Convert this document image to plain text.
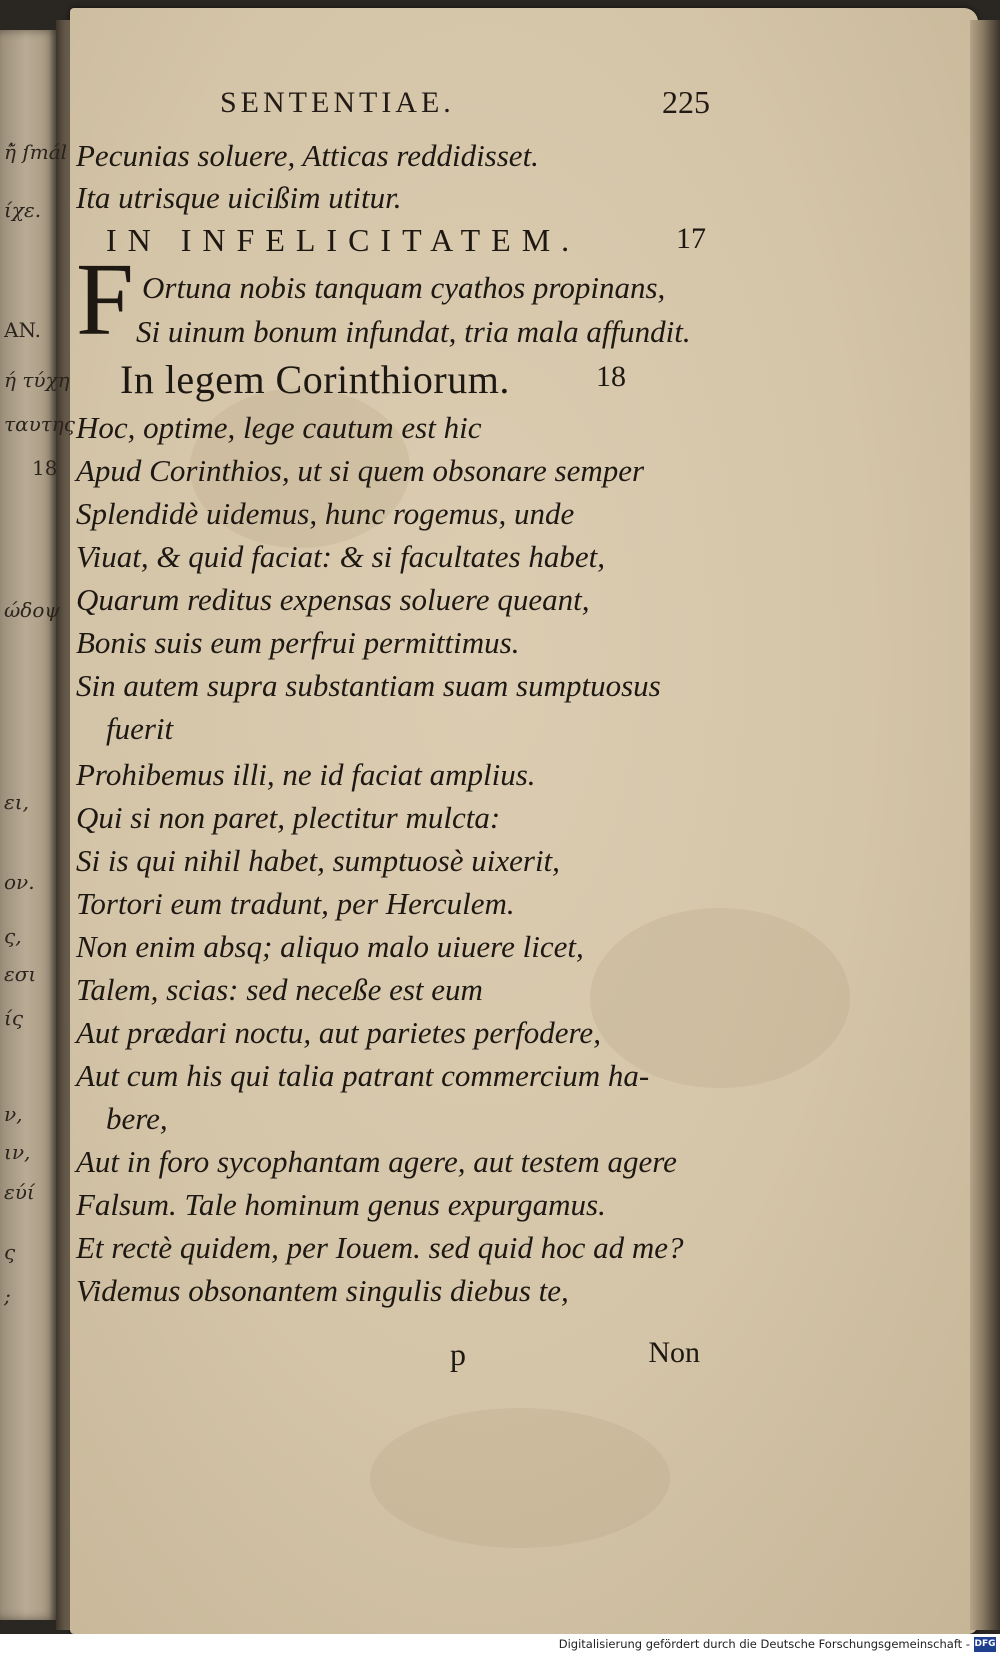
ἠ̃ ſmál
ίχε.
AN.
ή τύχη
ταυτης
18
ώδοψ
ει,
ον.
ς,
εσι
ίς
ν,
ιν,
εύί
ς
;
SENTENTIAE.	225
Pecunias soluere, Atticas reddidisset.
Ita utrisque uicißim utitur.
IN INFELICITATEM.	17
F Ortuna nobis tanquam cyathos propinans,
Si uinum bonum infundat, tria mala affundit.
In legem Corinthiorum.	18
Hoc, optime, lege cautum est hic
Apud Corinthios, ut si quem obsonare semper
Splendidè uidemus, hunc rogemus, unde
Viuat, & quid faciat: & si facultates habet,
Quarum reditus expensas soluere queant,
Bonis suis eum perfrui permittimus.
Sin autem supra substantiam suam sumptuosus
fuerit
Prohibemus illi, ne id faciat amplius.
Qui si non paret, plectitur mulcta:
Si is qui nihil habet, sumptuosè uixerit,
Tortori eum tradunt, per Herculem.
Non enim absq; aliquo malo uiuere licet,
Talem, scias: sed neceße est eum
Aut prædari noctu, aut parietes perfodere,
Aut cum his qui talia patrant commercium ha-
bere,
Aut in foro sycophantam agere, aut testem agere
Falsum. Tale hominum genus expurgamus.
Et rectè quidem, per Iouem. sed quid hoc ad me?
Videmus obsonantem singulis diebus te,
p	Non
Digitalisierung gefördert durch die Deutsche Forschungsgemeinschaft - DFG
